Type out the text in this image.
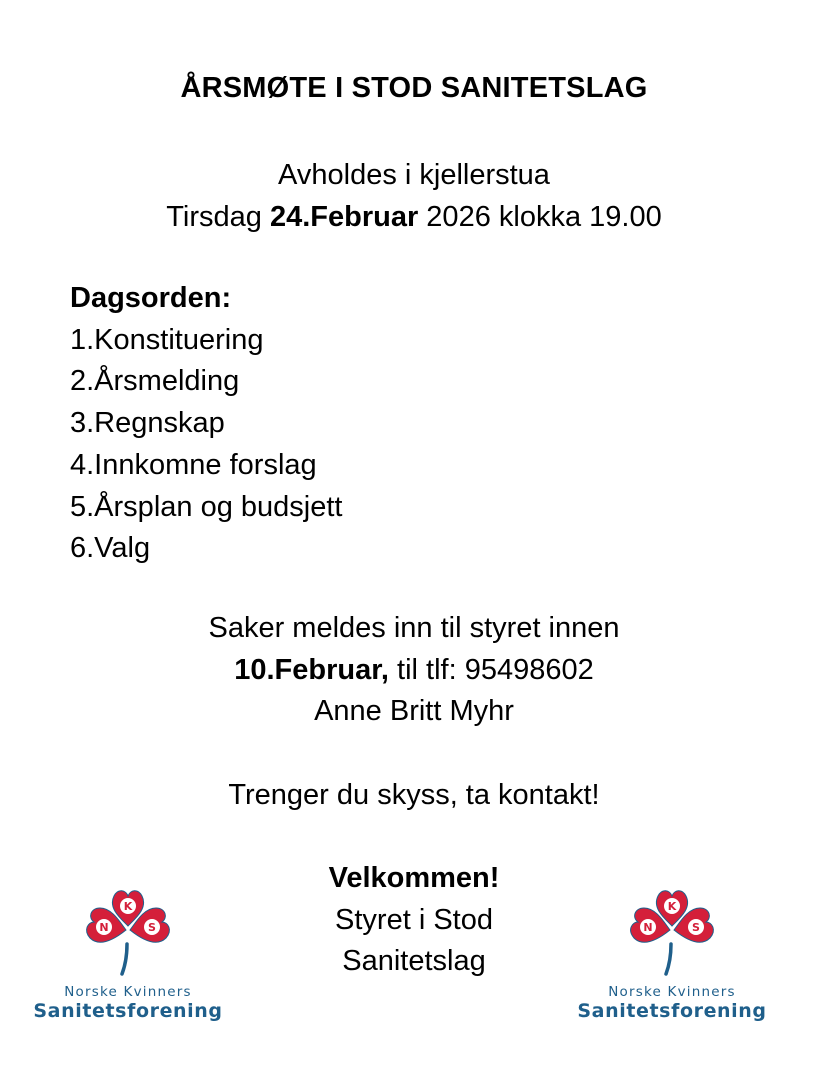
ÅRSMØTE I STOD SANITETSLAG
Avholdes i kjellerstua
Tirsdag 24.Februar 2026 klokka 19.00
Dagsorden:
1.Konstituering
2.Årsmelding
3.Regnskap
4.Innkomne forslag
5.Årsplan og budsjett
6.Valg
Saker meldes inn til styret innen
10.Februar, til tlf: 95498602
Anne Britt Myhr
Trenger du skyss, ta kontakt!
Velkommen!
Styret i Stod
Sanitetslag
K
N	S
Norske Kvinners
Sanitetsforening
K
N	S
Norske Kvinners
Sanitetsforening
